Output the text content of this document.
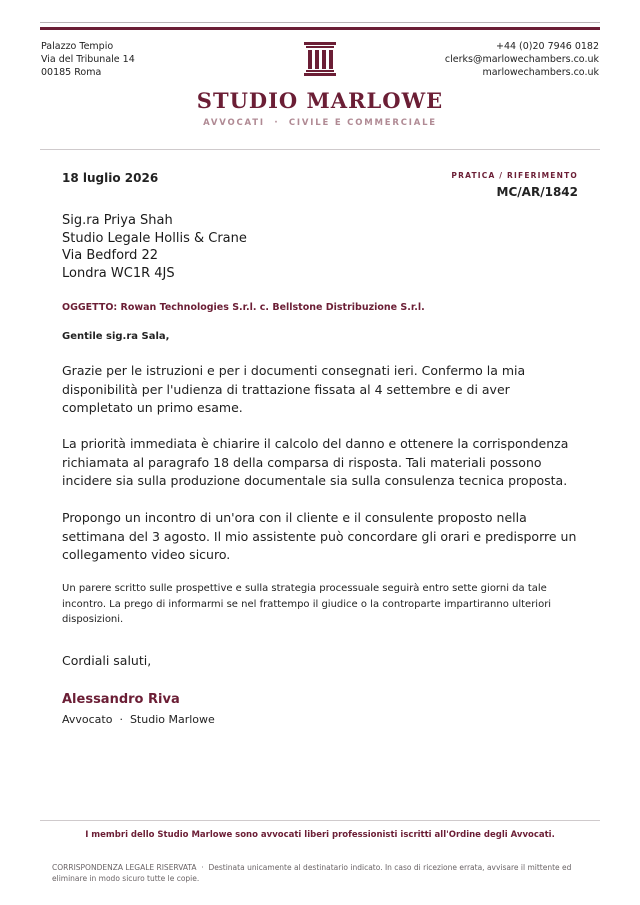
Palazzo Tempio
Via del Tribunale 14
00185 Roma
+44 (0)20 7946 0182
clerks@marlowechambers.co.uk
marlowechambers.co.uk
STUDIO MARLOWE
AVVOCATI  ·  CIVILE E COMMERCIALE
18 luglio 2026	PRATICA / RIFERIMENTO
MC/AR/1842
Sig.ra Priya Shah
Studio Legale Hollis & Crane
Via Bedford 22
Londra WC1R 4JS
OGGETTO: Rowan Technologies S.r.l. c. Bellstone Distribuzione S.r.l.
Gentile sig.ra Sala,
Grazie per le istruzioni e per i documenti consegnati ieri. Confermo la mia disponibilità per l'udienza di trattazione fissata al 4 settembre e di aver completato un primo esame.
La priorità immediata è chiarire il calcolo del danno e ottenere la corrispondenza richiamata al paragrafo 18 della comparsa di risposta. Tali materiali possono incidere sia sulla produzione documentale sia sulla consulenza tecnica proposta.
Propongo un incontro di un'ora con il cliente e il consulente proposto nella settimana del 3 agosto. Il mio assistente può concordare gli orari e predisporre un collegamento video sicuro.
Un parere scritto sulle prospettive e sulla strategia processuale seguirà entro sette giorni da tale incontro. La prego di informarmi se nel frattempo il giudice o la controparte impartiranno ulteriori disposizioni.
Cordiali saluti,
Alessandro Riva
Avvocato  ·  Studio Marlowe
I membri dello Studio Marlowe sono avvocati liberi professionisti iscritti all'Ordine degli Avvocati.
CORRISPONDENZA LEGALE RISERVATA  ·  Destinata unicamente al destinatario indicato. In caso di ricezione errata, avvisare il mittente ed eliminare in modo sicuro tutte le copie.
